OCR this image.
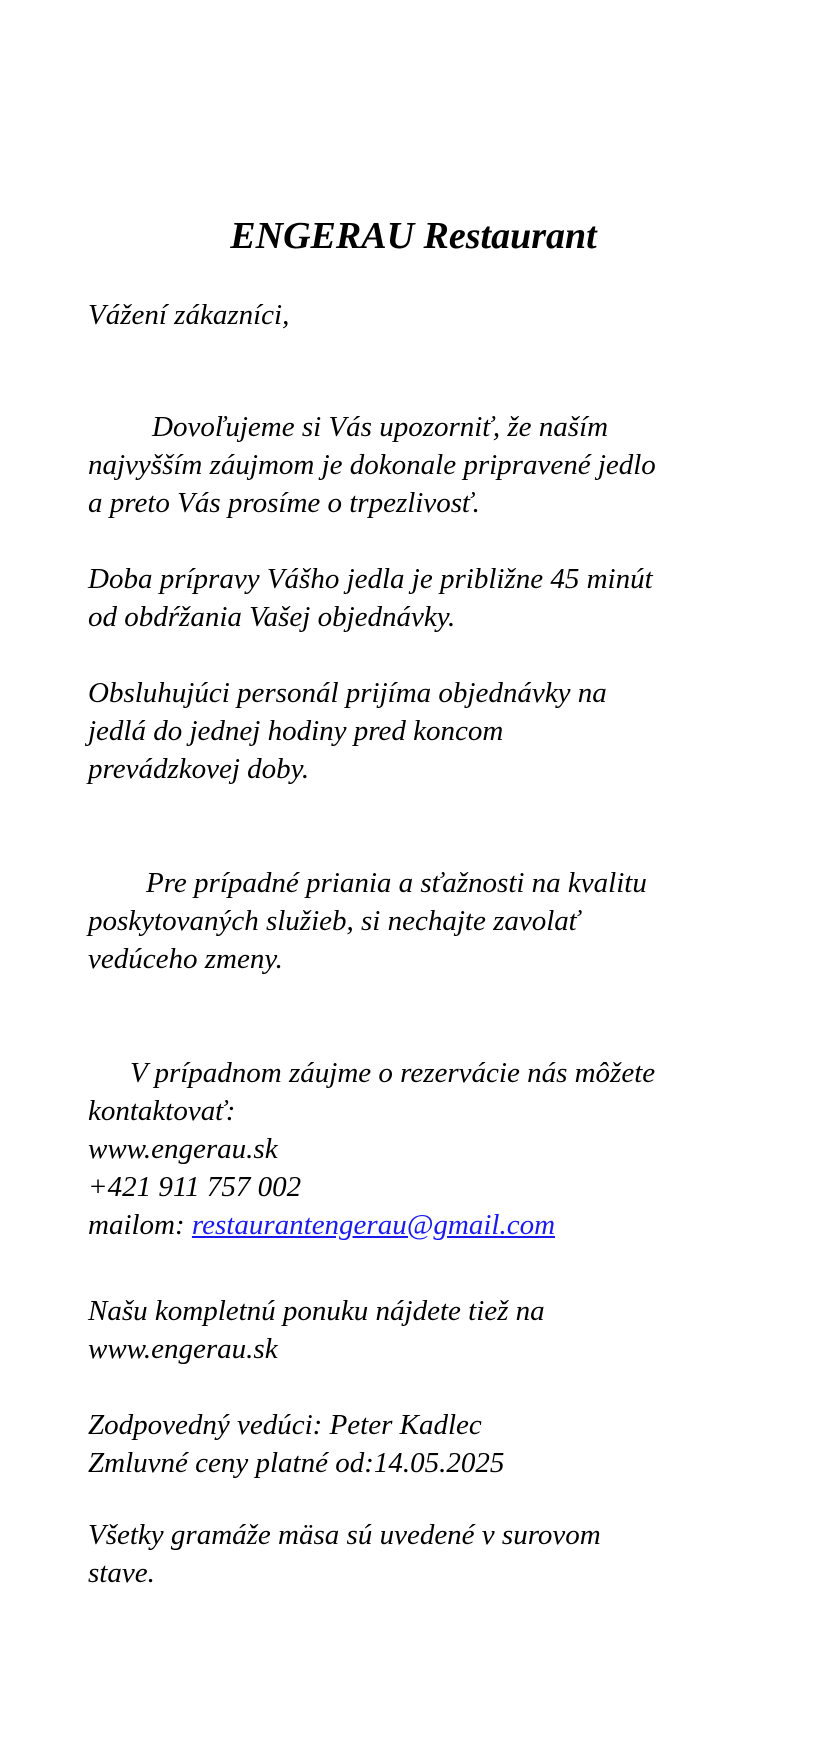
ENGERAU Restaurant
Vážení zákazníci,
Dovoľujeme si Vás upozorniť, že naším
najvyšším záujmom je dokonale pripravené jedlo
a preto Vás prosíme o trpezlivosť.
Doba prípravy Vášho jedla je približne 45 minút
od obdŕžania Vašej objednávky.
Obsluhujúci personál prijíma objednávky na
jedlá do jednej hodiny pred koncom
prevádzkovej doby.
Pre prípadné priania a sťažnosti na kvalitu
poskytovaných služieb, si nechajte zavolať
vedúceho zmeny.
V prípadnom záujme o rezervácie nás môžete
kontaktovať:
www.engerau.sk
+421 911 757 002
mailom: restaurantengerau@gmail.com
Našu kompletnú ponuku nájdete tiež na
www.engerau.sk
Zodpovedný vedúci: Peter Kadlec
Zmluvné ceny platné od:14.05.2025
Všetky gramáže mäsa sú uvedené v surovom
stave.
